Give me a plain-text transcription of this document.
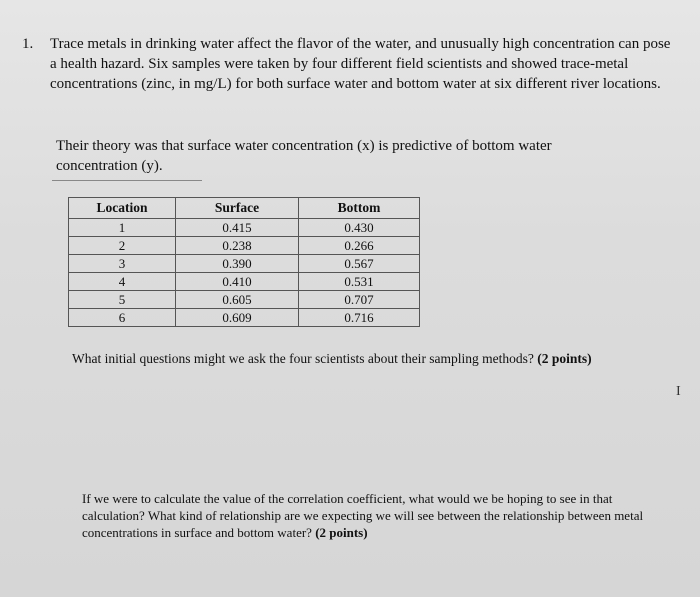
1. Trace metals in drinking water affect the flavor of the water, and unusually high concentration can pose a health hazard. Six samples were taken by four different field scientists and showed trace-metal concentrations (zinc, in mg/L) for both surface water and bottom water at six different river locations.
Their theory was that surface water concentration (x) is predictive of bottom water concentration (y).
Location	Surface	Bottom
1	0.415	0.430
2	0.238	0.266
3	0.390	0.567
4	0.410	0.531
5	0.605	0.707
6	0.609	0.716
What initial questions might we ask the four scientists about their sampling methods? (2 points)
I
If we were to calculate the value of the correlation coefficient, what would we be hoping to see in that calculation? What kind of relationship are we expecting we will see between the relationship between metal concentrations in surface and bottom water? (2 points)
